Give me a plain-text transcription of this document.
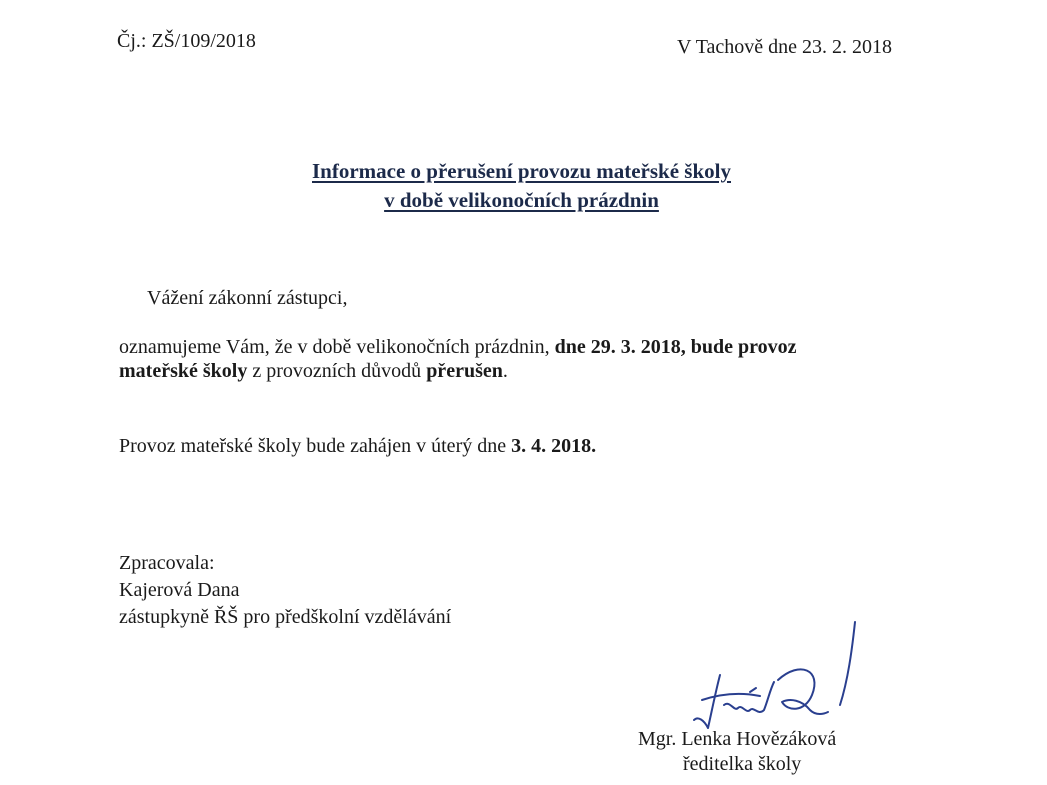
Čj.: ZŠ/109/2018	V Tachově dne 23. 2. 2018
Informace o přerušení provozu mateřské školy
v době velikonočních prázdnin
Vážení zákonní zástupci,
oznamujeme Vám, že v době velikonočních prázdnin, dne 29. 3. 2018, bude provoz
mateřské školy z provozních důvodů přerušen.
Provoz mateřské školy bude zahájen v úterý dne 3. 4. 2018.
Zpracovala:
Kajerová Dana
zástupkyně ŘŠ pro předškolní vzdělávání
Mgr. Lenka Hovězáková
ředitelka školy
